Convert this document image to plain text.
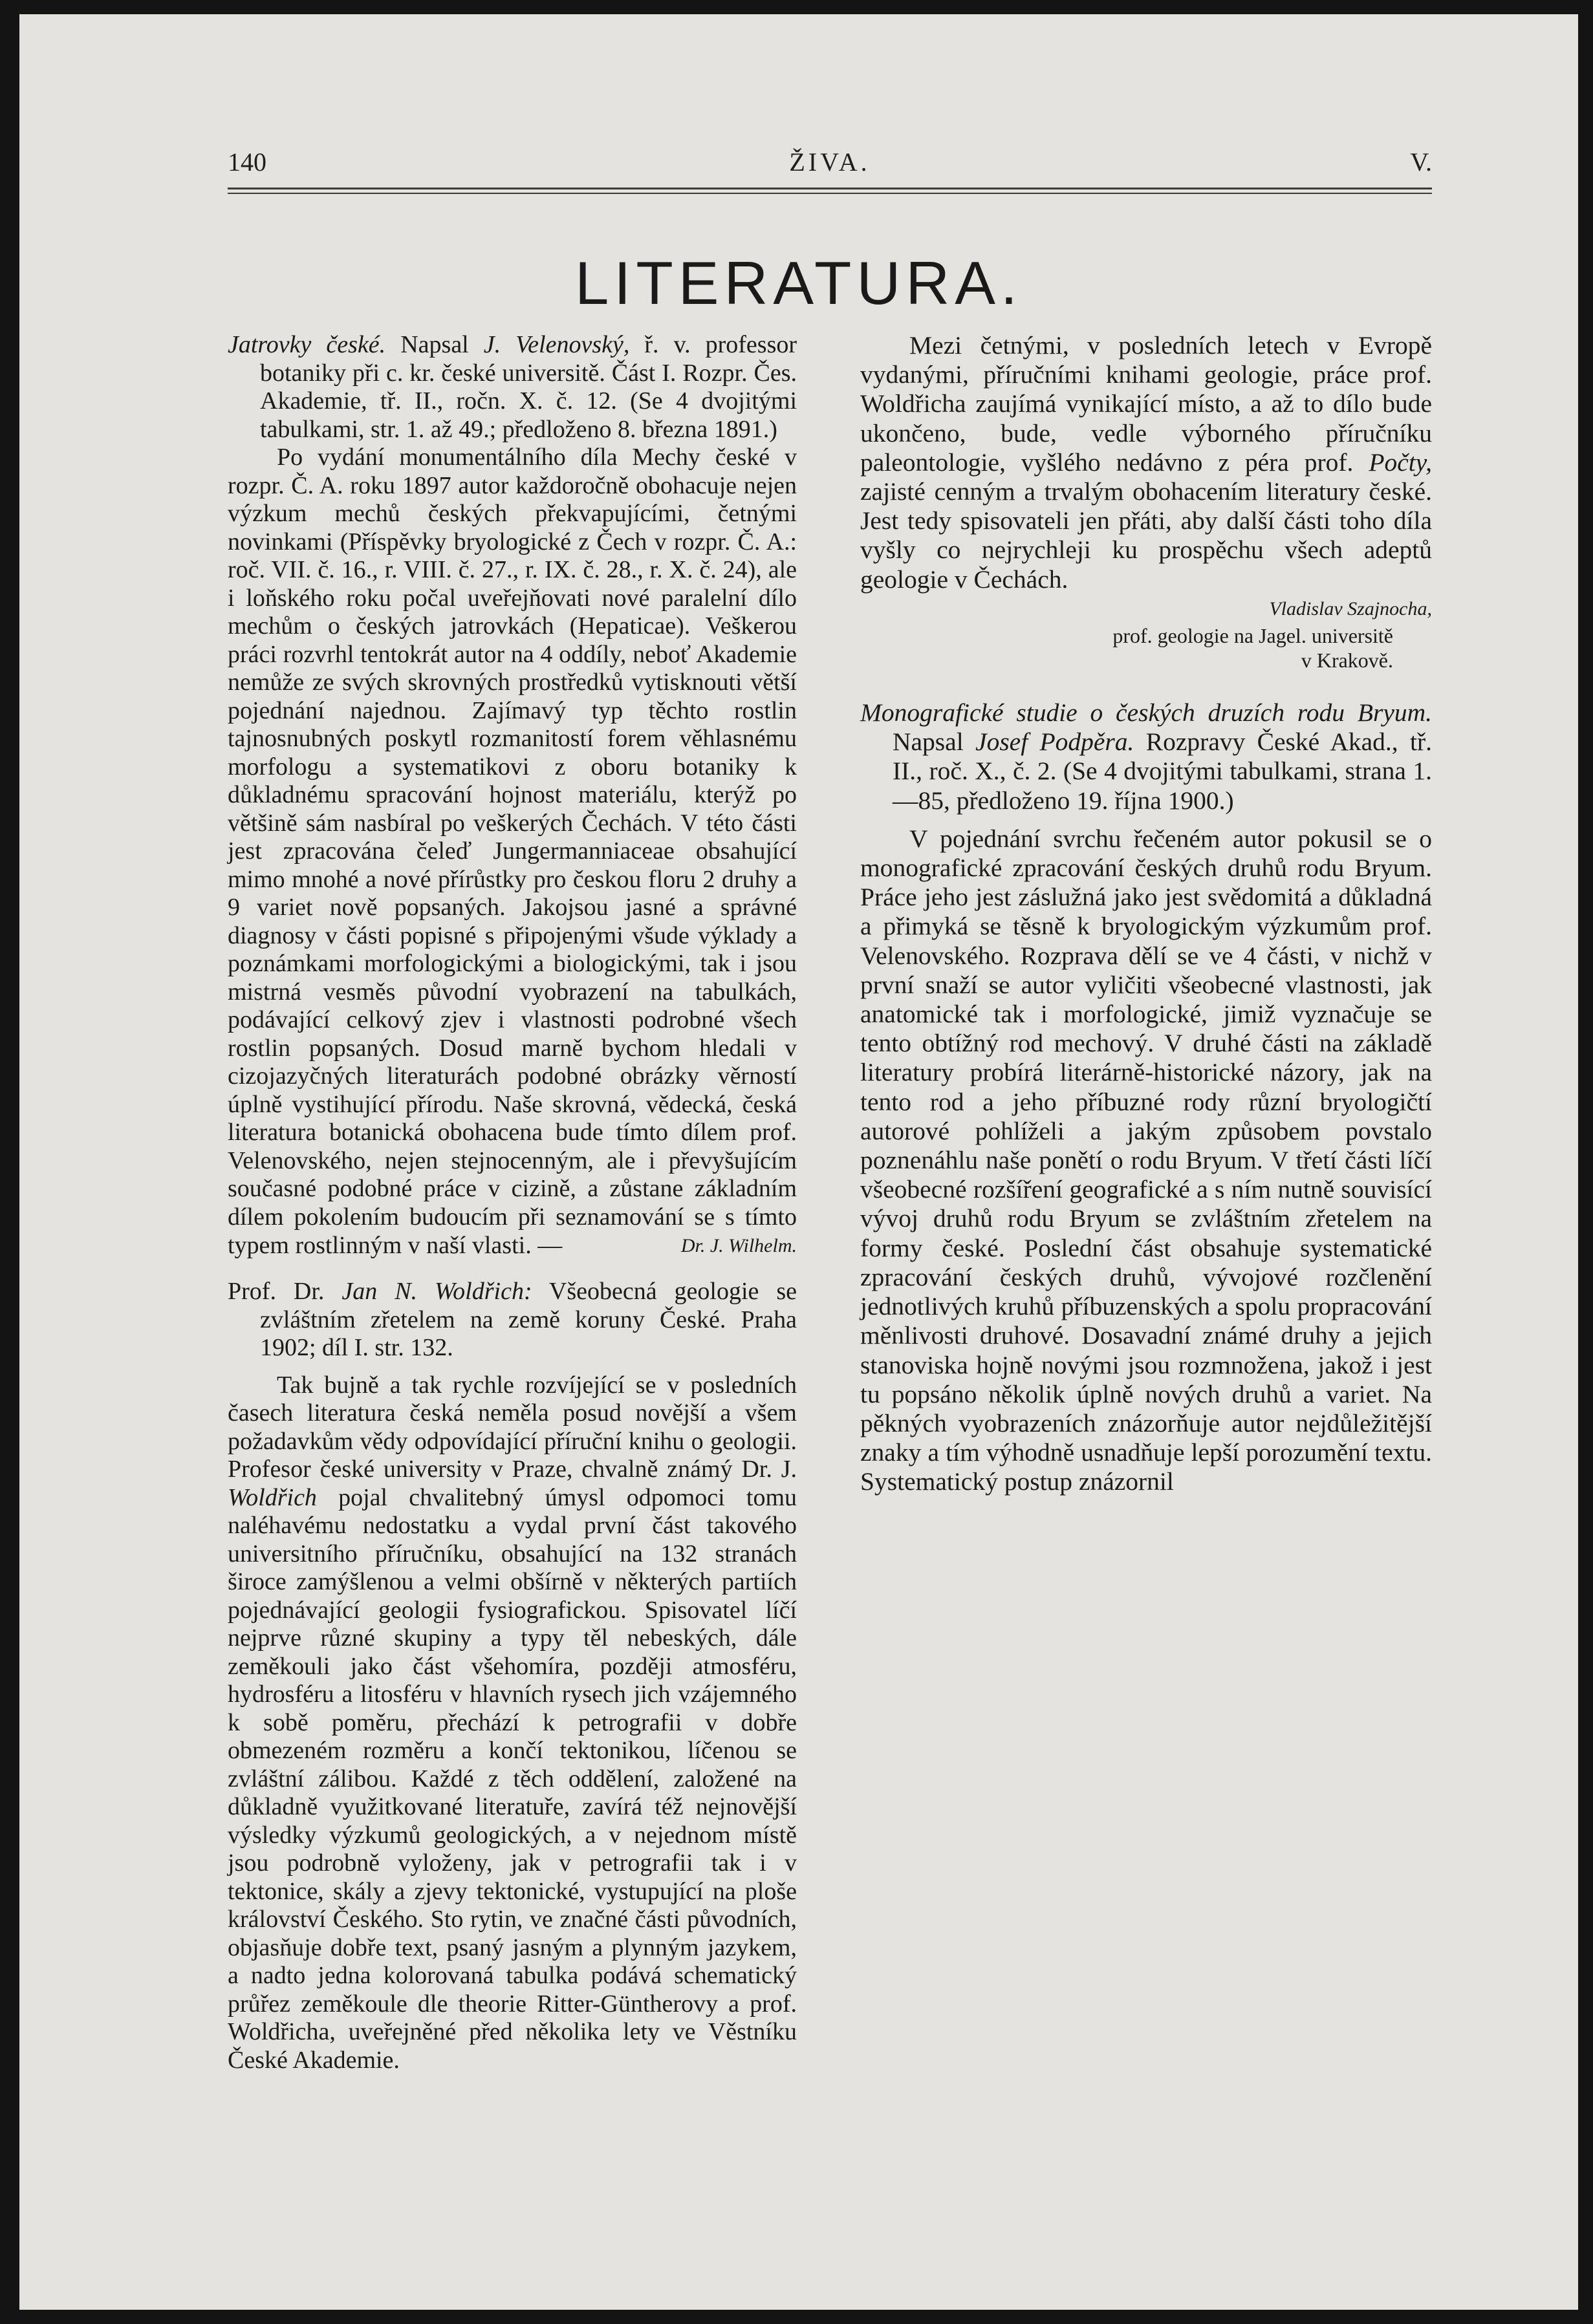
140	ŽIVA.	V.
LITERATURA.

Jatrovky české. Napsal J. Velenovský, ř. v. professor botaniky při c. kr. české universitě. Část I. Rozpr. Čes. Akademie, tř. II., ročn. X. č. 12. (Se 4 dvojitými tabulkami, str. 1. až 49.; předloženo 8. března 1891.)

Po vydání monumentálního díla Mechy české v rozpr. Č. A. roku 1897 autor každoročně obohacuje nejen výzkum mechů českých překvapujícími, četnými novinkami (Příspěvky bryologické z Čech v rozpr. Č. A.: roč. VII. č. 16., r. VIII. č. 27., r. IX. č. 28., r. X. č. 24), ale i loňského roku počal uveřejňovati nové paralelní dílo mechům o českých jatrovkách (Hepaticae). Veškerou práci rozvrhl tentokrát autor na 4 oddíly, neboť Akademie nemůže ze svých skrovných prostředků vytisknouti větší pojednání najednou. Zajímavý typ těchto rostlin tajnosnubných poskytl rozmanitostí forem věhlasnému morfologu a systematikovi z oboru botaniky k důkladnému spracování hojnost materiálu, kterýž po většině sám nasbíral po veškerých Čechách. V této části jest zpracována čeleď Jungermanniaceae obsahující mimo mnohé a nové přírůstky pro českou floru 2 druhy a 9 variet nově popsaných. Jakojsou jasné a správné diagnosy v části popisné s připojenými všude výklady a poznámkami morfologickými a biologickými, tak i jsou mistrná vesměs původní vyobrazení na tabulkách, podávající celkový zjev i vlastnosti podrobné všech rostlin popsaných. Dosud marně bychom hledali v cizojazyčných literaturách podobné obrázky věrností úplně vystihující přírodu. Naše skrovná, vědecká, česká literatura botanická obohacena bude tímto dílem prof. Velenovského, nejen stejnocenným, ale i převyšujícím současné podobné práce v cizině, a zůstane základním dílem pokolením budoucím při seznamování se s tímto typem rostlinným v naší vlasti. —	Dr. J. Wilhelm.

Prof. Dr. Jan N. Woldřich: Všeobecná geologie se zvláštním zřetelem na země koruny České. Praha 1902; díl I. str. 132.

Tak bujně a tak rychle rozvíjející se v posledních časech literatura česká neměla posud novější a všem požadavkům vědy odpovídající příruční knihu o geologii. Profesor české university v Praze, chvalně známý Dr. J. Woldřich pojal chvalitebný úmysl odpomoci tomu naléhavému nedostatku a vydal první část takového universitního příručníku, obsahující na 132 stranách široce zamýšlenou a velmi obšírně v některých partiích pojednávající geologii fysiografickou. Spisovatel líčí nejprve různé skupiny a typy těl nebeských, dále zeměkouli jako část všehomíra, později atmosféru, hydrosféru a litosféru v hlavních rysech jich vzájemného k sobě poměru, přechází k petrografii v dobře obmezeném rozměru a končí tektonikou, líčenou se zvláštní zálibou. Každé z těch oddělení, založené na důkladně využitkované literatuře, zavírá též nejnovější výsledky výzkumů geologických, a v nejednom místě jsou podrobně vyloženy, jak v petrografii tak i v tektonice, skály a zjevy tektonické, vystupující na ploše království Českého. Sto rytin, ve značné části původních, objasňuje dobře text, psaný jasným a plynným jazykem, a nadto jedna kolorovaná tabulka podává schematický průřez zeměkoule dle theorie Ritter-Güntherovy a prof. Woldřicha, uveřejněné před několika lety ve Věstníku České Akademie.

Mezi četnými, v posledních letech v Evropě vydanými, příručními knihami geologie, práce prof. Woldřicha zaujímá vynikající místo, a až to dílo bude ukončeno, bude, vedle výborného příručníku paleontologie, vyšlého nedávno z péra prof. Počty, zajisté cenným a trvalým obohacením literatury české. Jest tedy spisovateli jen přáti, aby další části toho díla vyšly co nejrychleji ku prospěchu všech adeptů geologie v Čechách.

Vladislav Szajnocha,

prof. geologie na Jagel. universitě

v Krakově.

Monografické studie o českých druzích rodu Bryum. Napsal Josef Podpěra. Rozpravy České Akad., tř. II., roč. X., č. 2. (Se 4 dvojitými tabulkami, strana 1.—85, předloženo 19. října 1900.)

V pojednání svrchu řečeném autor pokusil se o monografické zpracování českých druhů rodu Bryum. Práce jeho jest záslužná jako jest svědomitá a důkladná a přimyká se těsně k bryologickým výzkumům prof. Velenovského. Rozprava dělí se ve 4 části, v nichž v první snaží se autor vyličiti všeobecné vlastnosti, jak anatomické tak i morfologické, jimiž vyznačuje se tento obtížný rod mechový. V druhé části na základě literatury probírá literárně-historické názory, jak na tento rod a jeho příbuzné rody různí bryologičtí autorové pohlíželi a jakým způsobem povstalo poznenáhlu naše ponětí o rodu Bryum. V třetí části líčí všeobecné rozšíření geografické a s ním nutně souvisící vývoj druhů rodu Bryum se zvláštním zřetelem na formy české. Poslední část obsahuje systematické zpracování českých druhů, vývojové rozčlenění jednotlivých kruhů příbuzenských a spolu propracování měnlivosti druhové. Dosavadní známé druhy a jejich stanoviska hojně novými jsou rozmnožena, jakož i jest tu popsáno několik úplně nových druhů a variet. Na pěkných vyobrazeních znázorňuje autor nejdůležitější znaky a tím výhodně usnadňuje lepší porozumění textu. Systematický postup znázornil
